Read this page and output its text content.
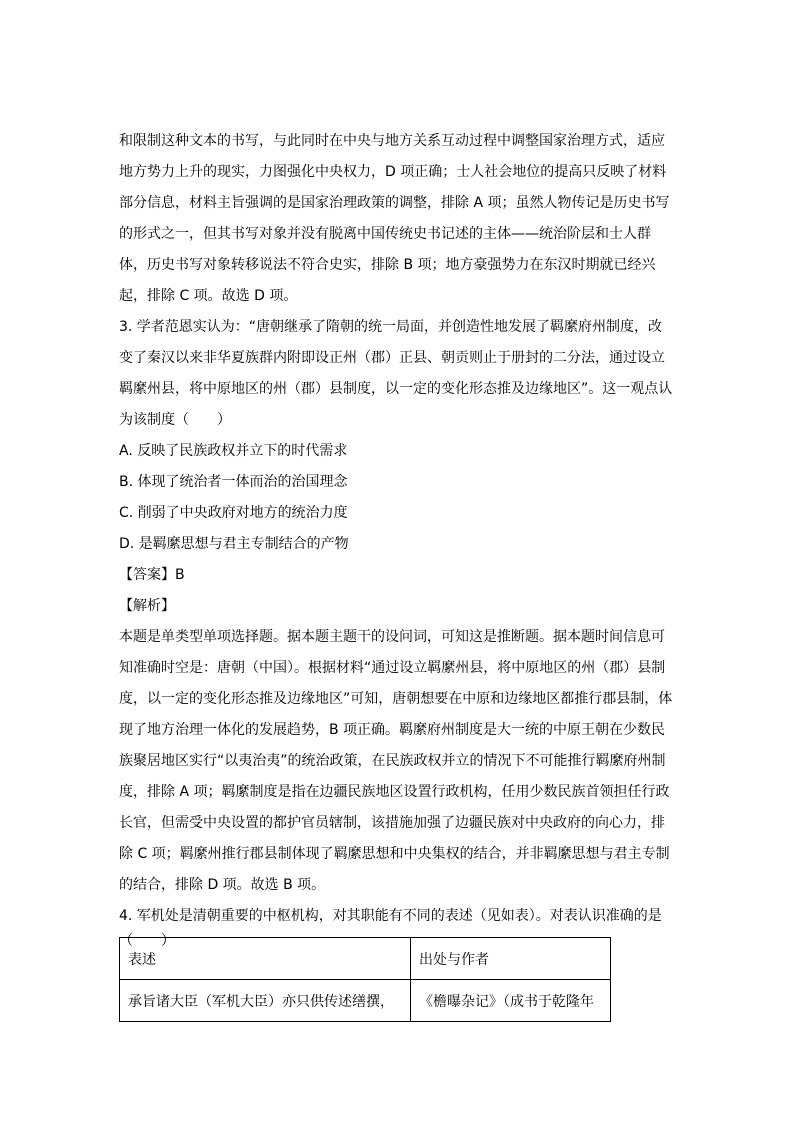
和限制这种文本的书写，与此同时在中央与地方关系互动过程中调整国家治理方式，适应
地方势力上升的现实，力图强化中央权力，D 项正确；士人社会地位的提高只反映了材料
部分信息，材料主旨强调的是国家治理政策的调整，排除 A 项；虽然人物传记是历史书写
的形式之一，但其书写对象并没有脱离中国传统史书记述的主体——统治阶层和士人群
体，历史书写对象转移说法不符合史实，排除 B 项；地方豪强势力在东汉时期就已经兴
起，排除 C 项。故选 D 项。
3. 学者范恩实认为：“唐朝继承了隋朝的统一局面，并创造性地发展了羁縻府州制度，改
变了秦汉以来非华夏族群内附即设正州（郡）正县、朝贡则止于册封的二分法，通过设立
羁縻州县，将中原地区的州（郡）县制度，以一定的变化形态推及边缘地区”。这一观点认
为该制度（　　）
A. 反映了民族政权并立下的时代需求
B. 体现了统治者一体而治的治国理念
C. 削弱了中央政府对地方的统治力度
D. 是羁縻思想与君主专制结合的产物
【答案】B
【解析】
本题是单类型单项选择题。据本题主题干的设问词，可知这是推断题。据本题时间信息可
知准确时空是：唐朝（中国）。根据材料“通过设立羁縻州县，将中原地区的州（郡）县制
度，以一定的变化形态推及边缘地区”可知，唐朝想要在中原和边缘地区都推行郡县制，体
现了地方治理一体化的发展趋势，B 项正确。羁縻府州制度是大一统的中原王朝在少数民
族聚居地区实行“以夷治夷”的统治政策，在民族政权并立的情况下不可能推行羁縻府州制
度，排除 A 项；羁縻制度是指在边疆民族地区设置行政机构，任用少数民族首领担任行政
长官，但需受中央设置的都护官员辖制，该措施加强了边疆民族对中央政府的向心力，排
除 C 项；羁縻州推行郡县制体现了羁縻思想和中央集权的结合，并非羁縻思想与君主专制
的结合，排除 D 项。故选 B 项。
4. 军机处是清朝重要的中枢机构，对其职能有不同的表述（见如表）。对表认识准确的是
（　　）
表述	出处与作者
承旨诸大臣（军机大臣）亦只供传述缮撰，	《檐曝杂记》（成书于乾隆年
